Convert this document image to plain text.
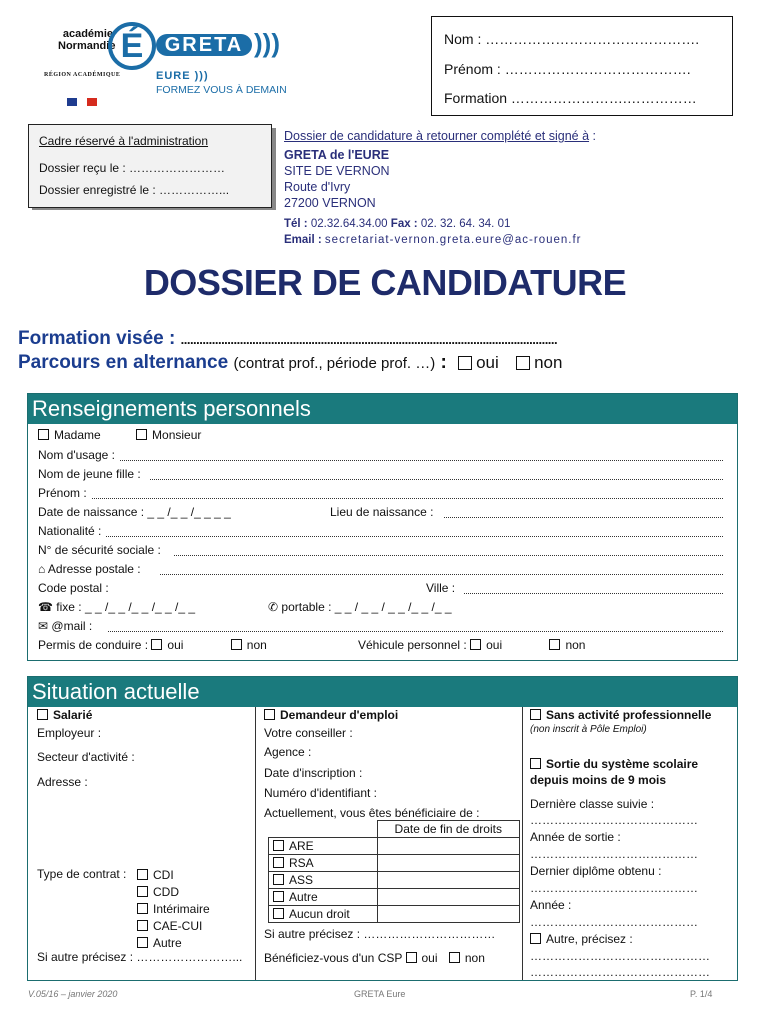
académie
Normandie É	GRETA )))
RÉGION ACADÉMIQUE	EURE )))
FORMEZ VOUS À DEMAIN
Nom : ……………………………………….
Prénom : ………………………………….
Formation …………………….……………
Cadre réservé à l'administration
Dossier reçu le : ……………………
Dossier enregistré le : ……………...
Dossier de candidature à retourner complété et signé à :
GRETA de l'EURE
SITE DE VERNON
Route d'Ivry
27200 VERNON
Tél : 02.32.64.34.00 Fax : 02. 32. 64. 34. 01
Email : secretariat-vernon.greta.eure@ac-rouen.fr
DOSSIER DE CANDIDATURE
Formation visée : .........................................................................................................................
Parcours en alternance (contrat prof., période prof. …) : oui non
Renseignements personnels
Madame	Monsieur
Nom d'usage :
Nom de jeune fille :
Prénom :
Date de naissance : _ _ /_ _ /_ _ _ _	Lieu de naissance :
Nationalité :
N° de sécurité sociale :
⌂ Adresse postale :
Code postal :	Ville :
☎ fixe : _ _ /_ _ /_ _ /_ _ /_ _	✆ portable : _ _ / _ _ / _ _ /_ _ /_ _
✉ @mail :
Permis de conduire : oui	non	Véhicule personnel : oui	non
Situation actuelle
Salarié
Employeur :
Secteur d'activité :
Adresse :
Type de contrat :	CDI
CDD
Intérimaire
CAE-CUI
Autre
Si autre précisez : ……………………...
Demandeur d'emploi
Votre conseiller :
Agence :
Date d'inscription :
Numéro d'identifiant :
Actuellement, vous êtes bénéficiaire de :
	Date de fin de droits
ARE	
RSA	
ASS	
Autre	
Aucun droit	
Si autre précisez : ……………………………
Bénéficiez-vous d'un CSP oui non
Sans activité professionnelle
(non inscrit à Pôle Emploi)
Sortie du système scolaire
depuis moins de 9 mois
Dernière classe suivie :
……………………………………
Année de sortie :
……………………………………
Dernier diplôme obtenu :
……………………………………
Année :
……………………………………
Autre, précisez :
………………………………………
………………………………………
V.05/16 – janvier 2020	GRETA Eure	P. 1/4
